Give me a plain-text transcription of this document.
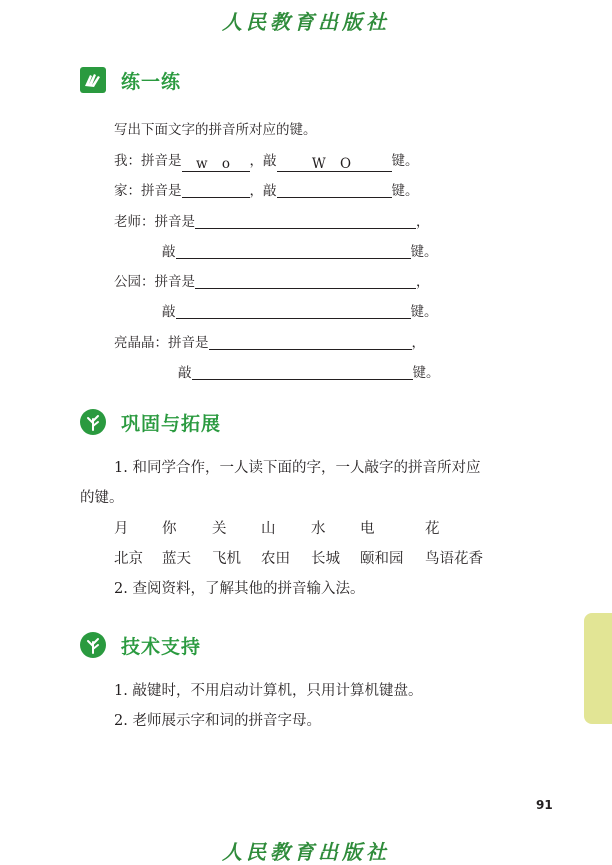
人民教育出版社
练一练
写出下面文字的拼音所对应的键。
我：拼音是 w o ，敲	W O	键。
家：拼音是	，敲	键。
老师：拼音是	，
敲	键。
公园：拼音是	，
敲	键。
亮晶晶：拼音是	，
敲	键。
巩固与拓展
1. 和同学合作，一人读下面的字，一人敲字的拼音所对应
的键。
月 你 关 山 水 电	花
北京 蓝天 飞机 农田 长城 颐和园 鸟语花香
2. 查阅资料，了解其他的拼音输入法。
技术支持
1. 敲键时，不用启动计算机，只用计算机键盘。
2. 老师展示字和词的拼音字母。
91
人民教育出版社
